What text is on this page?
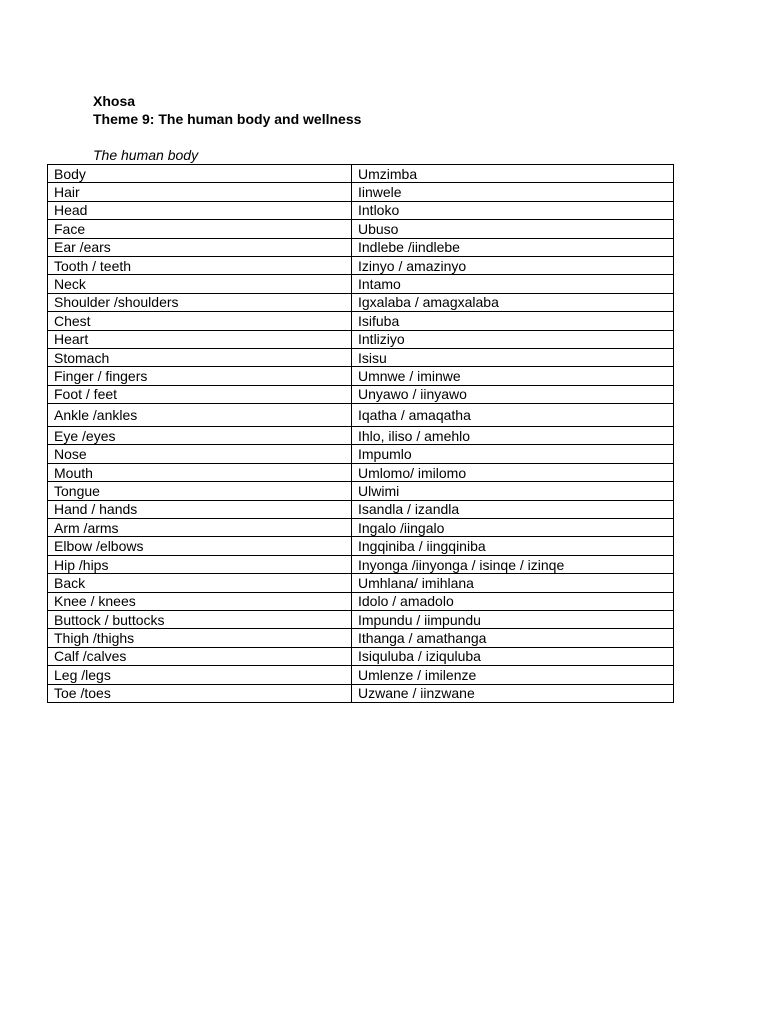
Xhosa
Theme 9: The human body and wellness
The human body
Body	Umzimba
Hair	Iinwele
Head	Intloko
Face	Ubuso
Ear /ears	Indlebe /iindlebe
Tooth / teeth	Izinyo / amazinyo
Neck	Intamo
Shoulder /shoulders	Igxalaba / amagxalaba
Chest	Isifuba
Heart	Intliziyo
Stomach	Isisu
Finger / fingers	Umnwe / iminwe
Foot / feet	Unyawo / iinyawo
Ankle /ankles	Iqatha / amaqatha
Eye /eyes	Ihlo, iliso / amehlo
Nose	Impumlo
Mouth	Umlomo/ imilomo
Tongue	Ulwimi
Hand / hands	Isandla / izandla
Arm /arms	Ingalo /iingalo
Elbow /elbows	Ingqiniba / iingqiniba
Hip /hips	Inyonga /iinyonga / isinqe / izinqe
Back	Umhlana/ imihlana
Knee / knees	Idolo / amadolo
Buttock / buttocks	Impundu / iimpundu
Thigh /thighs	Ithanga / amathanga
Calf /calves	Isiquluba / iziquluba
Leg /legs	Umlenze / imilenze
Toe /toes	Uzwane / iinzwane
